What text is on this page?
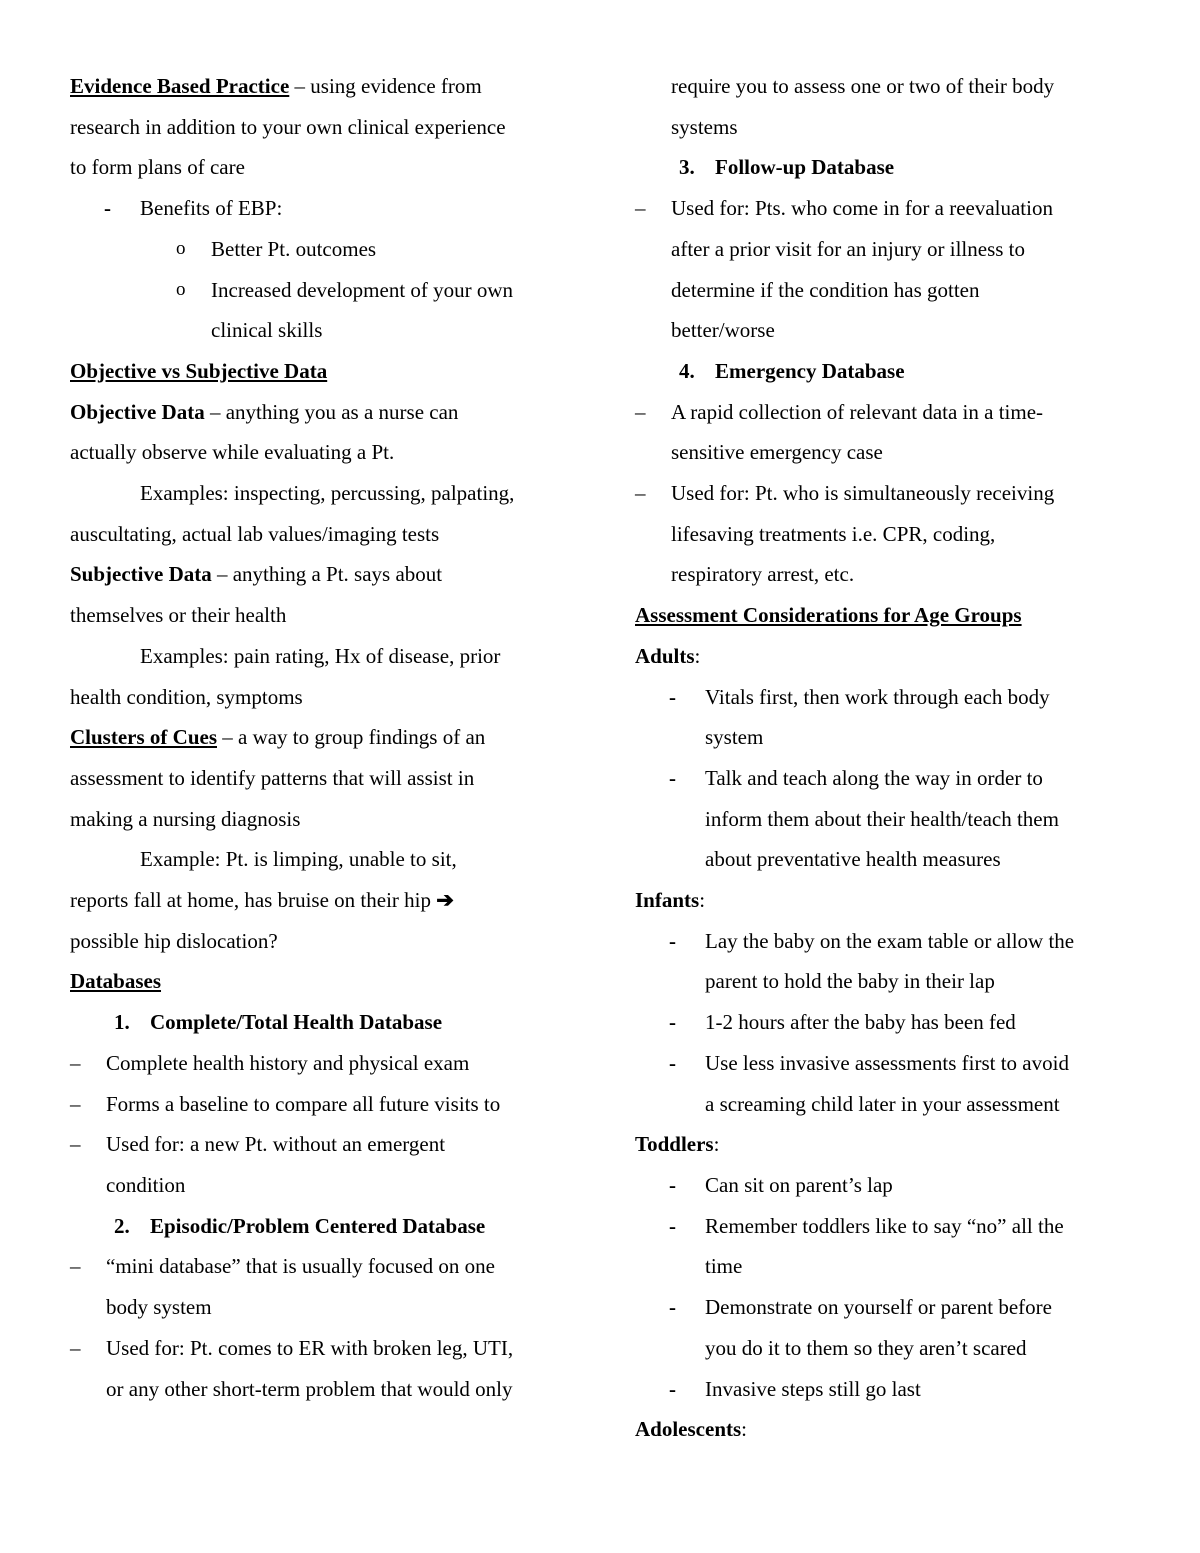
Evidence Based Practice – using evidence from

research in addition to your own clinical experience

to form plans of care

- Benefits of EBP:
o Better Pt. outcomes
o Increased development of your own
clinical skills

Objective vs Subjective Data

Objective Data – anything you as a nurse can

actually observe while evaluating a Pt.

Examples: inspecting, percussing, palpating,

auscultating, actual lab values/imaging tests

Subjective Data – anything a Pt. says about

themselves or their health

Examples: pain rating, Hx of disease, prior

health condition, symptoms

Clusters of Cues – a way to group findings of an

assessment to identify patterns that will assist in

making a nursing diagnosis

Example: Pt. is limping, unable to sit,

reports fall at home, has bruise on their hip ➔

possible hip dislocation?

Databases

1. Complete/Total Health Database
– Complete health history and physical exam
– Forms a baseline to compare all future visits to
– Used for: a new Pt. without an emergent
condition
2. Episodic/Problem Centered Database
– “mini database” that is usually focused on one
body system
– Used for: Pt. comes to ER with broken leg, UTI,
or any other short-term problem that would only
require you to assess one or two of their body
systems
3. Follow-up Database
– Used for: Pts. who come in for a reevaluation
after a prior visit for an injury or illness to
determine if the condition has gotten
better/worse
4. Emergency Database
– A rapid collection of relevant data in a time-
sensitive emergency case
– Used for: Pt. who is simultaneously receiving
lifesaving treatments i.e. CPR, coding,
respiratory arrest, etc.

Assessment Considerations for Age Groups

Adults:

- Vitals first, then work through each body
system
- Talk and teach along the way in order to
inform them about their health/teach them
about preventative health measures

Infants:

- Lay the baby on the exam table or allow the
parent to hold the baby in their lap
- 1-2 hours after the baby has been fed
- Use less invasive assessments first to avoid
a screaming child later in your assessment

Toddlers:

- Can sit on parent’s lap
- Remember toddlers like to say “no” all the
time
- Demonstrate on yourself or parent before
you do it to them so they aren’t scared
- Invasive steps still go last

Adolescents:
